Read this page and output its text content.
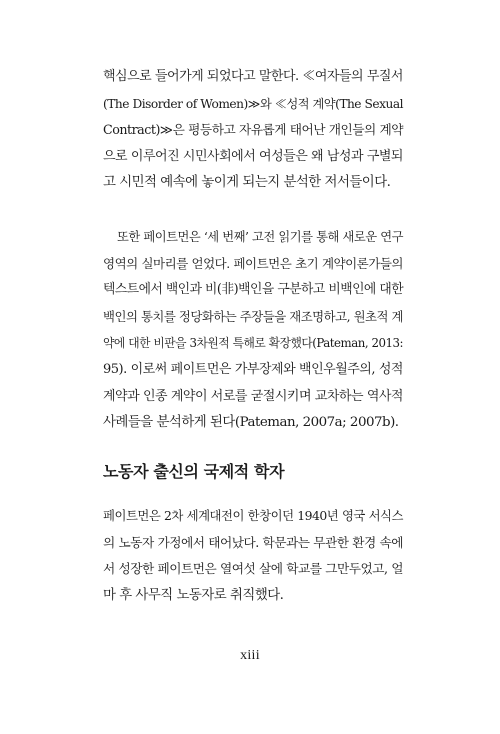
핵심으로 들어가게 되었다고 말한다. ≪여자들의 무질서
(The Disorder of Women)≫와 ≪성적 계약(The Sexual
Contract)≫은 평등하고 자유롭게 태어난 개인들의 계약
으로 이루어진 시민사회에서 여성들은 왜 남성과 구별되
고 시민적 예속에 놓이게 되는지 분석한 저서들이다.

또한 페이트먼은 ‘세 번째’ 고전 읽기를 통해 새로운 연구
영역의 실마리를 얻었다. 페이트먼은 초기 계약이론가들의
텍스트에서 백인과 비(非)백인을 구분하고 비백인에 대한
백인의 통치를 정당화하는 주장들을 재조명하고, 원초적 계
약에 대한 비판을 3차원적 특해로 확장했다(Pateman, 2013:
95). 이로써 페이트먼은 가부장제와 백인우월주의, 성적
계약과 인종 계약이 서로를 굳절시키며 교차하는 역사적
사례들을 분석하게 된다(Pateman, 2007a; 2007b).

노동자 출신의 국제적 학자

페이트먼은 2차 세계대전이 한창이던 1940년 영국 서식스
의 노동자 가정에서 태어났다. 학문과는 무관한 환경 속에
서 성장한 페이트먼은 열여섯 살에 학교를 그만두었고, 얼
마 후 사무직 노동자로 취직했다.

xiii
